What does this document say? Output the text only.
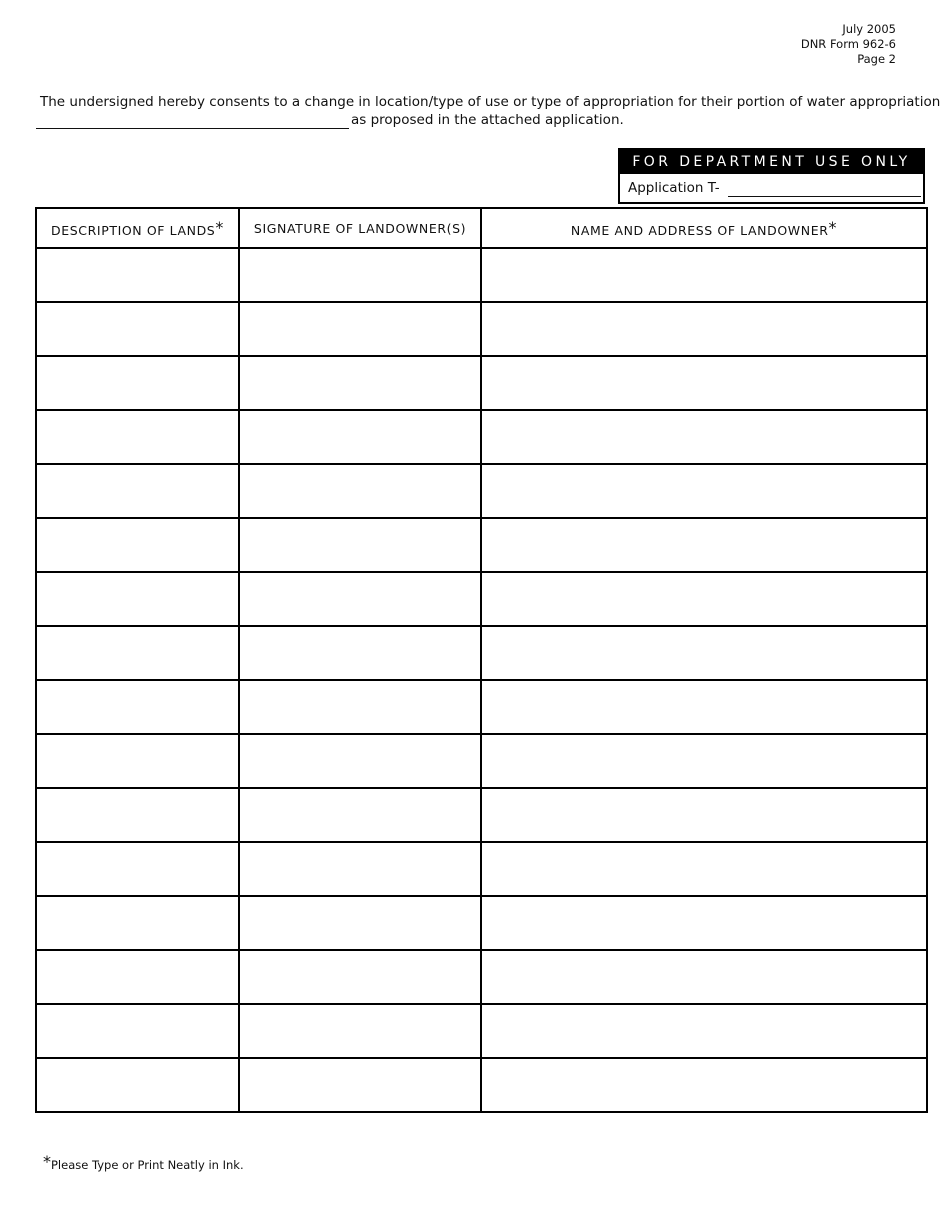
July 2005
DNR Form 962-6
Page 2
The undersigned hereby consents to a change in location/type of use or type of appropriation for their portion of water appropriation
as proposed in the attached application.
FOR DEPARTMENT USE ONLY
Application T-
DESCRIPTION OF LANDS*	SIGNATURE OF LANDOWNER(S)	NAME AND ADDRESS OF LANDOWNER*

*Please Type or Print Neatly in Ink.
